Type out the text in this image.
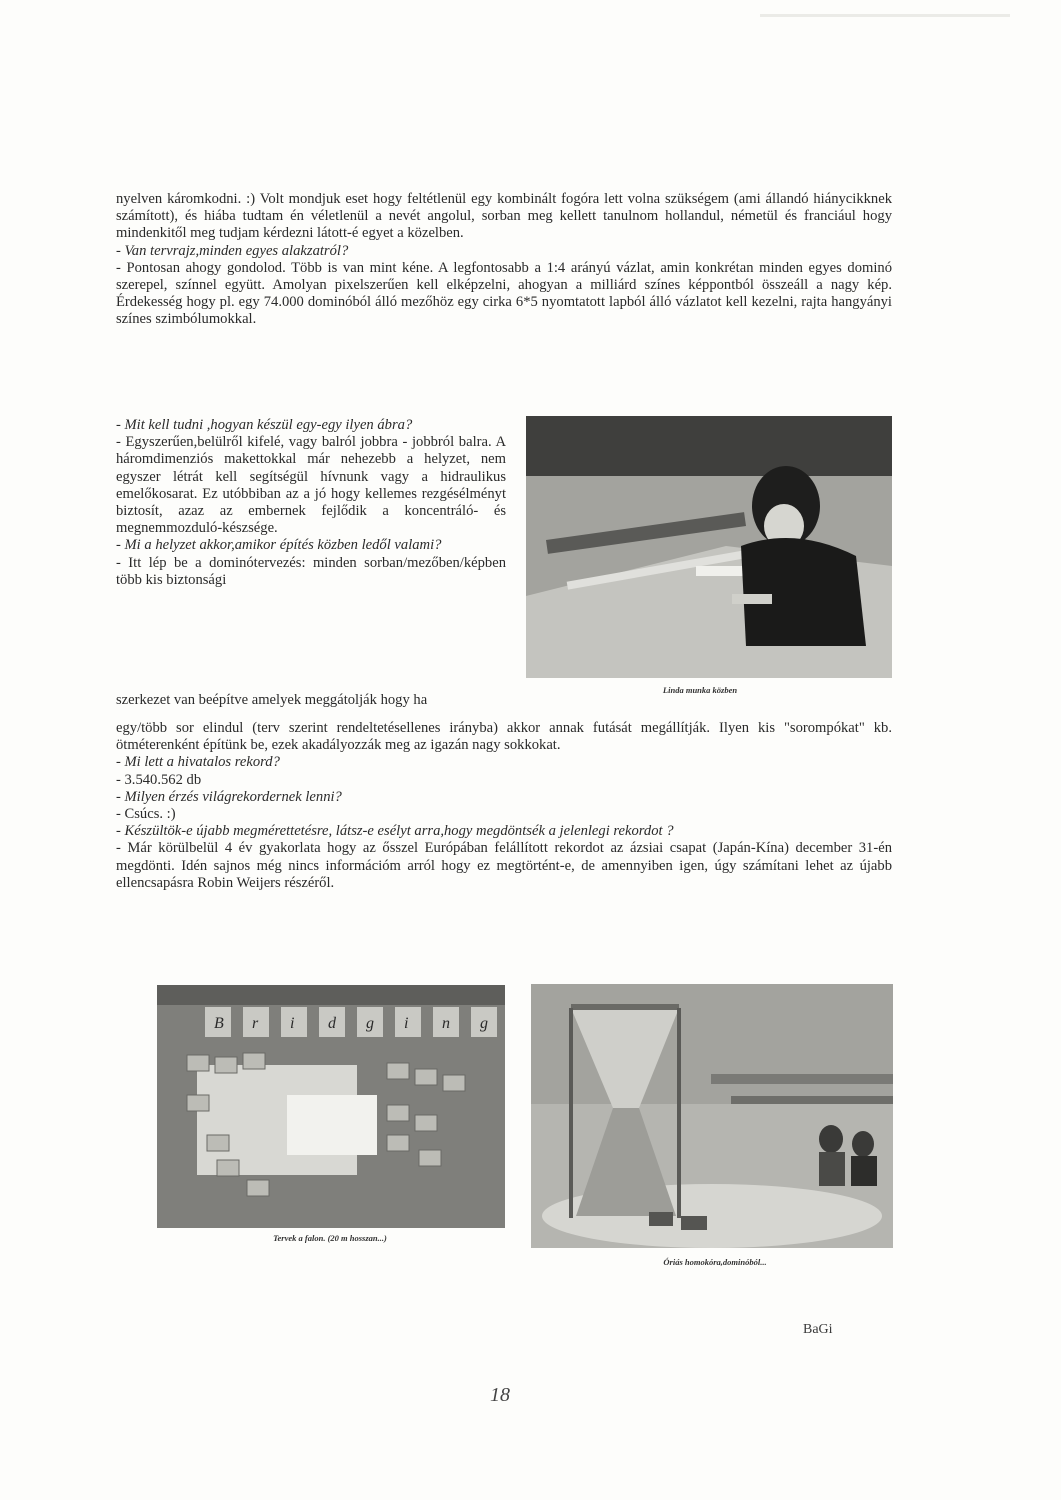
nyelven káromkodni. :) Volt mondjuk eset hogy feltétlenül egy kombinált fogóra lett volna szükségem (ami állandó hiánycikknek számított), és hiába tudtam én véletlenül a nevét angolul, sorban meg kellett tanulnom hollandul, németül és franciául hogy mindenkitől meg tudjam kérdezni látott-é egyet a közelben.

- Van tervrajz,minden egyes alakzatról?

- Pontosan ahogy gondolod. Több is van mint kéne. A legfontosabb a 1:4 arányú vázlat, amin konkrétan minden egyes dominó szerepel, színnel együtt. Amolyan pixelszerűen kell elképzelni, ahogyan a milliárd színes képpontból összeáll a nagy kép. Érdekesség hogy pl. egy 74.000 dominóból álló mezőhöz egy cirka 6*5 nyomtatott lapból álló vázlatot kell kezelni, rajta hangyányi színes szimbólumokkal.

- Mit kell tudni ,hogyan készül egy-egy ilyen ábra?

- Egyszerűen,belülről kifelé, vagy balról jobbra - jobbról balra. A háromdimenziós makettokkal már nehezebb a helyzet, nem egyszer létrát kell segítségül hívnunk vagy a hidraulikus emelőkosarat. Ez utóbbiban az a jó hogy kellemes rezgésélményt biztosít, azaz az embernek fejlődik a koncentráló- és megnemmozduló-készsége.

- Mi a helyzet akkor,amikor építés közben ledől valami?

- Itt lép be a dominótervezés: minden sorban/mezőben/képben több kis biztonsági

Linda munka közben

szerkezet van beépítve amelyek meggátolják hogy ha

egy/több sor elindul (terv szerint rendeltetésellenes irányba) akkor annak futását megállítják. Ilyen kis "sorompókat" kb. ötméterenként építünk be, ezek akadályozzák meg az igazán nagy sokkokat.

- Mi lett a hivatalos rekord?

- 3.540.562 db

- Milyen érzés világrekordernek lenni?

- Csúcs. :)

- Készültök-e újabb megmérettetésre, látsz-e esélyt arra,hogy megdöntsék a jelenlegi rekordot ?

- Már körülbelül 4 év gyakorlata hogy az ősszel Európában felállított rekordot az ázsiai csapat (Japán-Kína) december 31-én megdönti. Idén sajnos még nincs információm arról hogy ez megtörtént-e, de amennyiben igen, úgy számítani lehet az újabb ellencsapásra Robin Weijers részéről.

B r i d g i n g
Tervek a falon. (20 m hosszan...)
Óriás homokóra,dominóból...
BaGi
18
